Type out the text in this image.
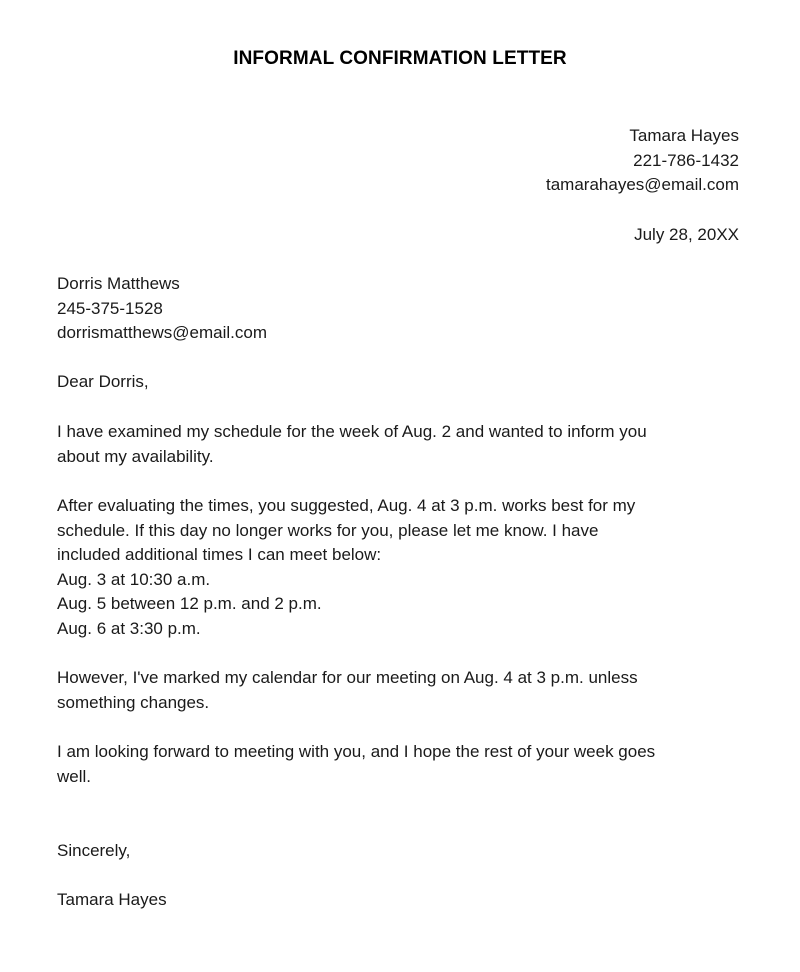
INFORMAL CONFIRMATION LETTER
Tamara Hayes
221-786-1432
tamarahayes@email.com
July 28, 20XX
Dorris Matthews
245-375-1528
dorrismatthews@email.com
Dear Dorris,
I have examined my schedule for the week of Aug. 2 and wanted to inform you
about my availability.
After evaluating the times, you suggested, Aug. 4 at 3 p.m. works best for my
schedule. If this day no longer works for you, please let me know. I have
included additional times I can meet below:
Aug. 3 at 10:30 a.m.
Aug. 5 between 12 p.m. and 2 p.m.
Aug. 6 at 3:30 p.m.
However, I've marked my calendar for our meeting on Aug. 4 at 3 p.m. unless
something changes.
I am looking forward to meeting with you, and I hope the rest of your week goes
well.
Sincerely,
Tamara Hayes
